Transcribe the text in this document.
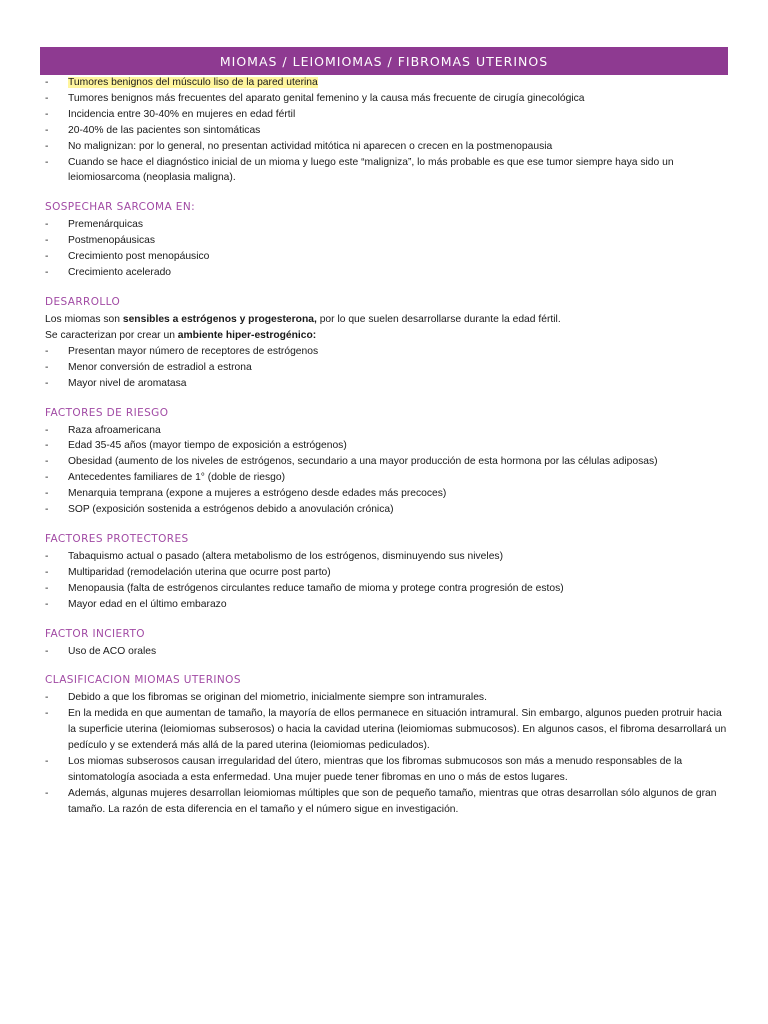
MIOMAS / LEIOMIOMAS / FIBROMAS UTERINOS
- Tumores benignos del músculo liso de la pared uterina
- Tumores benignos más frecuentes del aparato genital femenino y la causa más frecuente de cirugía ginecológica
- Incidencia entre 30-40% en mujeres en edad fértil
- 20-40% de las pacientes son sintomáticas
- No malignizan: por lo general, no presentan actividad mitótica ni aparecen o crecen en la postmenopausia
- Cuando se hace el diagnóstico inicial de un mioma y luego este “maligniza”, lo más probable es que ese tumor siempre haya sido un leiomiosarcoma (neoplasia maligna).
SOSPECHAR SARCOMA EN:
- Premenárquicas
- Postmenopáusicas
- Crecimiento post menopáusico
- Crecimiento acelerado
DESARROLLO
Los miomas son sensibles a estrógenos y progesterona, por lo que suelen desarrollarse durante la edad fértil.
Se caracterizan por crear un ambiente hiper-estrogénico:
- Presentan mayor número de receptores de estrógenos
- Menor conversión de estradiol a estrona
- Mayor nivel de aromatasa
FACTORES DE RIESGO
- Raza afroamericana
- Edad 35-45 años (mayor tiempo de exposición a estrógenos)
- Obesidad (aumento de los niveles de estrógenos, secundario a una mayor producción de esta hormona por las células adiposas)
- Antecedentes familiares de 1° (doble de riesgo)
- Menarquia temprana (expone a mujeres a estrógeno desde edades más precoces)
- SOP (exposición sostenida a estrógenos debido a anovulación crónica)
FACTORES PROTECTORES
- Tabaquismo actual o pasado (altera metabolismo de los estrógenos, disminuyendo sus niveles)
- Multiparidad (remodelación uterina que ocurre post parto)
- Menopausia (falta de estrógenos circulantes reduce tamaño de mioma y protege contra progresión de estos)
- Mayor edad en el último embarazo
FACTOR INCIERTO
- Uso de ACO orales
CLASIFICACION MIOMAS UTERINOS
- Debido a que los fibromas se originan del miometrio, inicialmente siempre son intramurales.
- En la medida en que aumentan de tamaño, la mayoría de ellos permanece en situación intramural. Sin embargo, algunos pueden protruir hacia la superficie uterina (leiomiomas subserosos) o hacia la cavidad uterina (leiomiomas submucosos). En algunos casos, el fibroma desarrollará un pedículo y se extenderá más allá de la pared uterina (leiomiomas pediculados).
- Los miomas subserosos causan irregularidad del útero, mientras que los fibromas submucosos son más a menudo responsables de la sintomatología asociada a esta enfermedad. Una mujer puede tener fibromas en uno o más de estos lugares.
- Además, algunas mujeres desarrollan leiomiomas múltiples que son de pequeño tamaño, mientras que otras desarrollan sólo algunos de gran tamaño. La razón de esta diferencia en el tamaño y el número sigue en investigación.
